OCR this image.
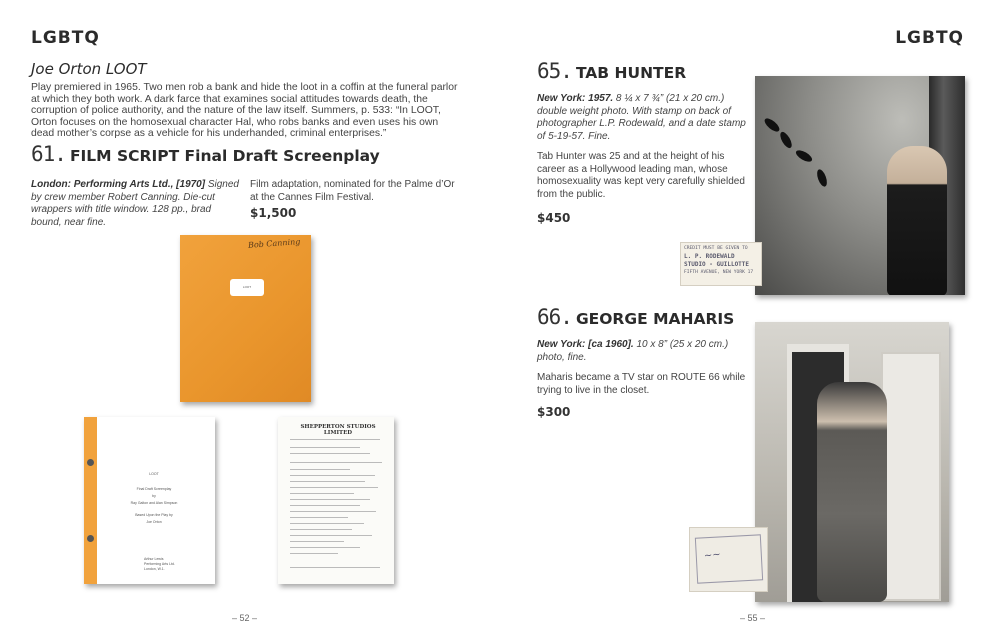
LGBTQ
Joe Orton LOOT
Play premiered in 1965. Two men rob a bank and hide the loot in a coffin at the funeral parlor at which they both work. A dark farce that examines social attitudes towards death, the corruption of police authority, and the nature of the law itself. Summers, p. 533: “In LOOT, Orton focuses on the homosexual character Hal, who robs banks and even uses his own dead mother’s corpse as a vehicle for his underhanded, criminal enterprises.”
61. FILM SCRIPT Final Draft Screenplay
London: Performing Arts Ltd., [1970] Signed by crew member Robert Canning. Die-cut wrappers with title window. 128 pp., brad bound, near fine.
Film adaptation, nominated for the Palme d’Or at the Cannes Film Festival.
$1,500
Bob Canning
LOOT
LOOT
Final Draft Screenplay
by
Ray Galton and Alan Simpson
Based Upon the Play by
Joe Orton
Arthur Lewis
Performing Arts Ltd.
London, W.1.
SHEPPERTON STUDIOS LIMITED
– 52 –
LGBTQ
65. TAB HUNTER
New York: 1957. 8 ¼ x 7 ¾” (21 x 20 cm.) double weight photo. With stamp on back of photographer L.P. Rodewald, and a date stamp of 5-19-57. Fine.
Tab Hunter was 25 and at the height of his career as a Hollywood leading man, whose homosexuality was kept very carefully shielded from the public.
$450
CREDIT MUST BE GIVEN TO
L. P. RODEWALD
STUDIO - GUILLOTTE
FIFTH AVENUE, NEW YORK 17
66. GEORGE MAHARIS
New York: [ca 1960]. 10 x 8” (25 x 20 cm.) photo, fine.
Maharis became a TV star on ROUTE 66 while trying to live in the closet.
$300
~~
– 55 –
